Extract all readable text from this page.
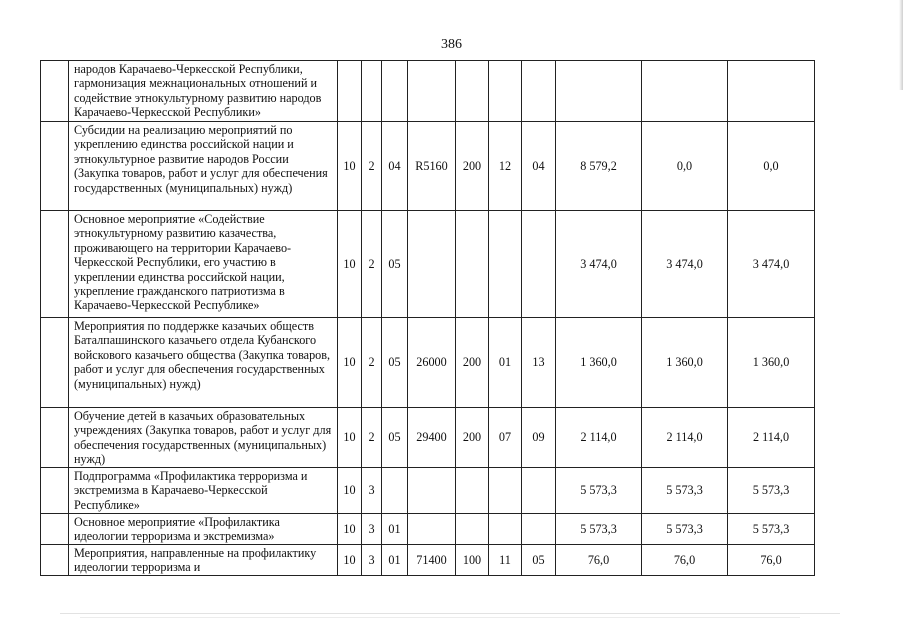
386
	народов Карачаево-Черкесской Республики, гармонизация межнациональных отношений и содействие этнокультурному развитию народов Карачаево-Черкесской Республики»										
	Субсидии на реализацию мероприятий по укреплению единства российской нации и этнокультурное развитие народов России (Закупка товаров, работ и услуг для обеспечения государственных (муниципальных) нужд)	10	2	04	R5160	200	12	04	8 579,2	0,0	0,0
	Основное мероприятие «Содействие этнокультурному развитию казачества, проживающего на территории Карачаево-Черкесской Республики, его участию в укреплении единства российской нации, укрепление гражданского патриотизма в Карачаево-Черкесской Республике»	10	2	05					3 474,0	3 474,0	3 474,0
	Мероприятия по поддержке казачьих обществ Баталпашинского казачьего отдела Кубанского войскового казачьего общества (Закупка товаров, работ и услуг для обеспечения государственных (муниципальных) нужд)	10	2	05	26000	200	01	13	1 360,0	1 360,0	1 360,0
	Обучение детей в казачьих образовательных учреждениях (Закупка товаров, работ и услуг для обеспечения государственных (муниципальных) нужд)	10	2	05	29400	200	07	09	2 114,0	2 114,0	2 114,0
	Подпрограмма «Профилактика терроризма и экстремизма в Карачаево-Черкесской Республике»	10	3						5 573,3	5 573,3	5 573,3
	Основное мероприятие «Профилактика идеологии терроризма и экстремизма»	10	3	01					5 573,3	5 573,3	5 573,3
	Мероприятия, направленные на профилактику идеологии терроризма и	10	3	01	71400	100	11	05	76,0	76,0	76,0
